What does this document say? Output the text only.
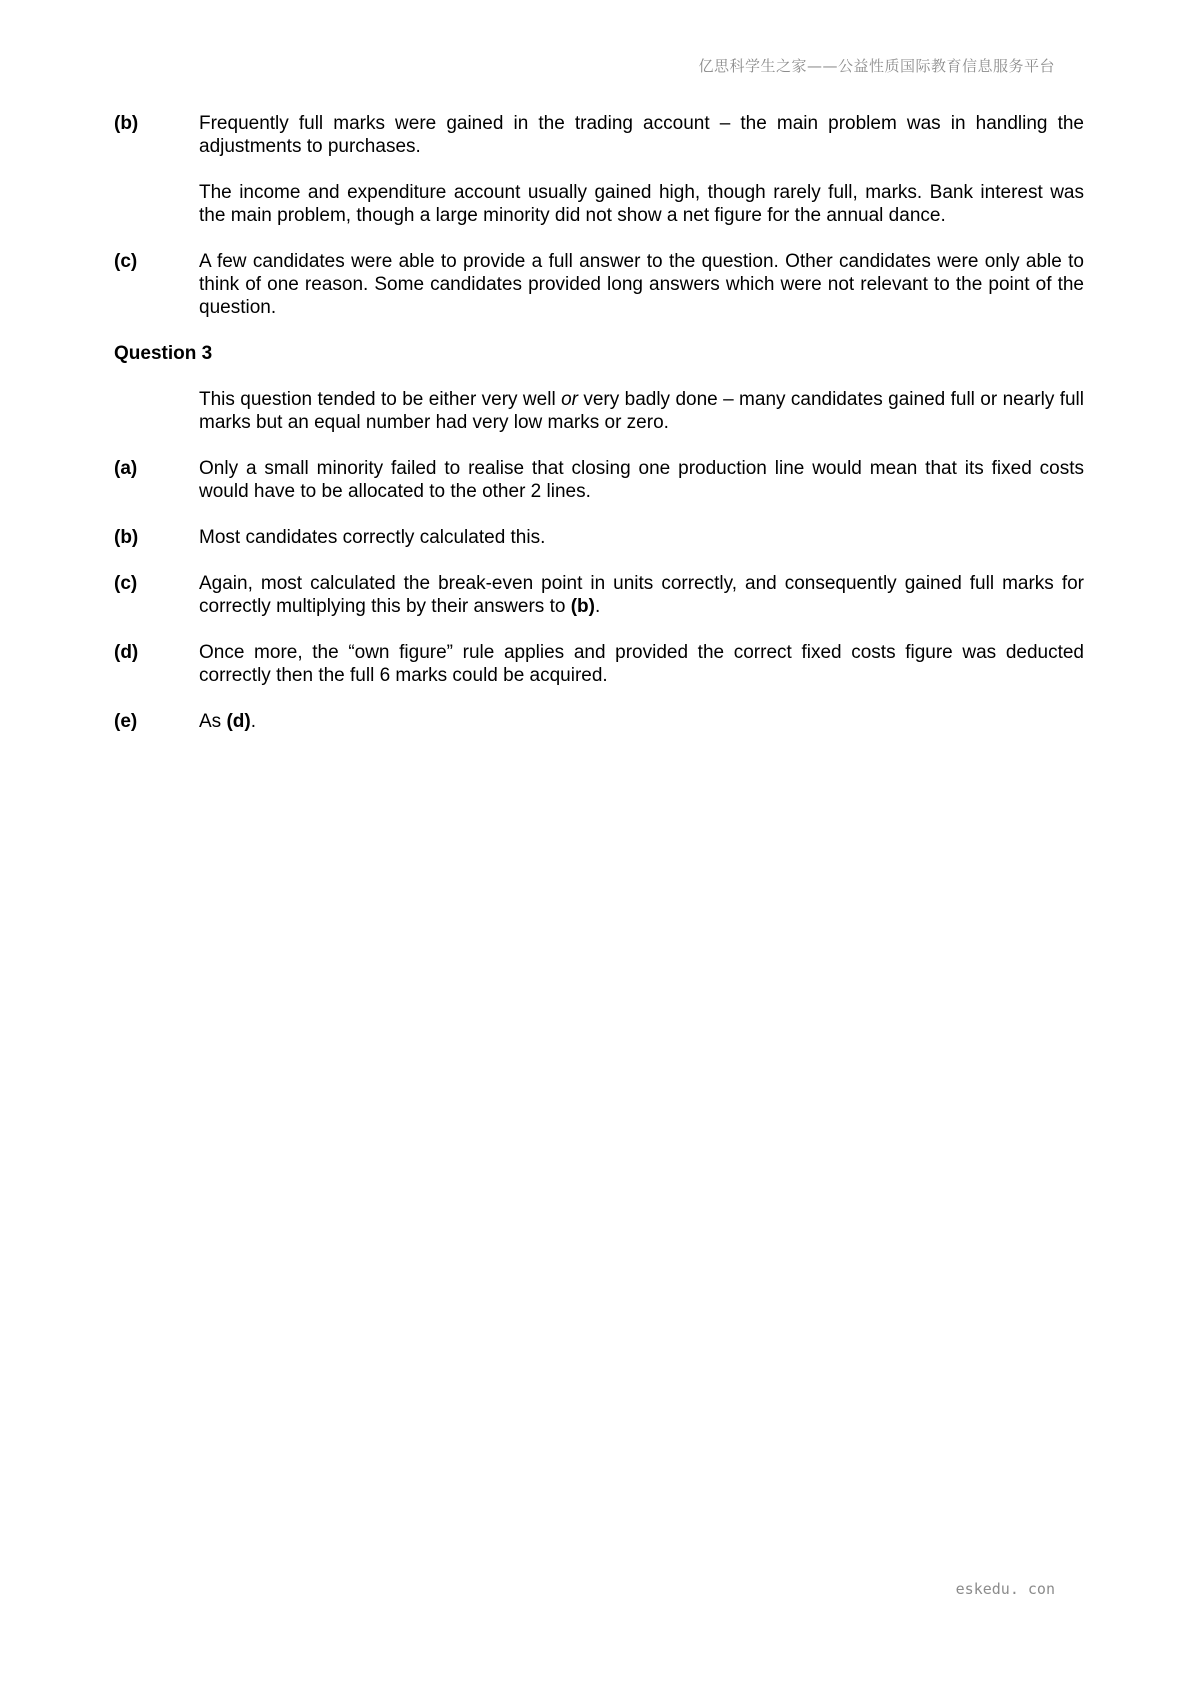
亿思科学生之家——公益性质国际教育信息服务平台
(b)	Frequently full marks were gained in the trading account – the main problem was in handling the adjustments to purchases.

The income and expenditure account usually gained high, though rarely full, marks. Bank interest was the main problem, though a large minority did not show a net figure for the annual dance.

(c)	A few candidates were able to provide a full answer to the question. Other candidates were only able to think of one reason. Some candidates provided long answers which were not relevant to the point of the question.

Question 3
This question tended to be either very well or very badly done – many candidates gained full or nearly full marks but an equal number had very low marks or zero.
(a)	Only a small minority failed to realise that closing one production line would mean that its fixed costs would have to be allocated to the other 2 lines.
(b)	Most candidates correctly calculated this.
(c)	Again, most calculated the break-even point in units correctly, and consequently gained full marks for correctly multiplying this by their answers to (b).
(d)	Once more, the “own figure” rule applies and provided the correct fixed costs figure was deducted correctly then the full 6 marks could be acquired.
(e)	As (d).
eskedu. con
